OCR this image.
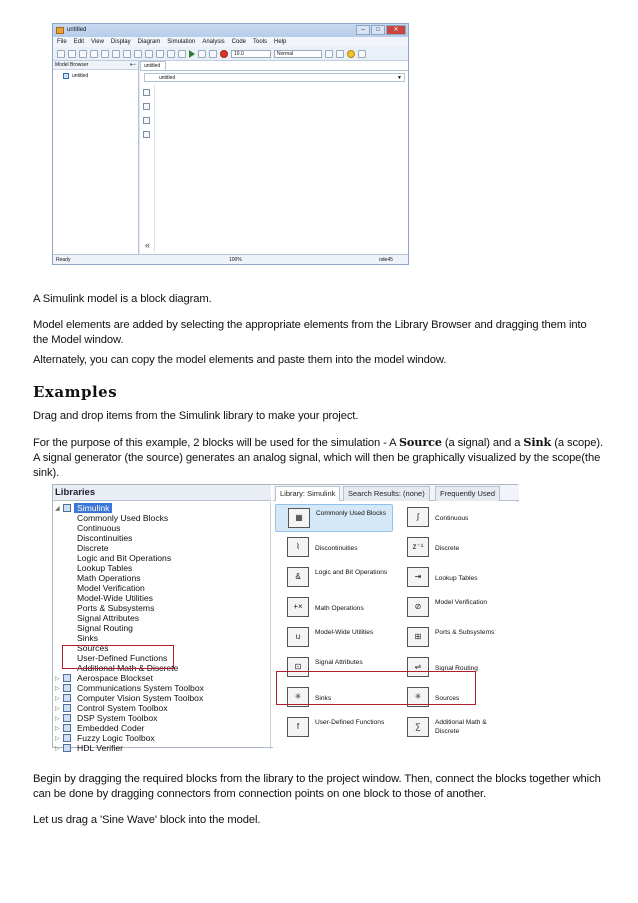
untitled	–	□	✕
File Edit View Display Diagram Simulation Analysis Code Tools Help
10.0	Normal
Model Browser	⇤▫
untitled
untitled
untitled	▼
«
Ready	100%	ode45
A Simulink model is a block diagram.
Model elements are added by selecting the appropriate elements from the Library Browser and dragging them into the Model window.
Alternately, you can copy the model elements and paste them into the model window.
Examples
Drag and drop items from the Simulink library to make your project.
For the purpose of this example, 2 blocks will be used for the simulation - A Source (a signal) and a Sink (a scope). A signal generator (the source) generates an analog signal, which will then be graphically visualized by the scope(the sink).
Libraries
◢	Simulink
Commonly Used Blocks
Continuous
Discontinuities
Discrete
Logic and Bit Operations
Lookup Tables
Math Operations
Model Verification
Model-Wide Utilities
Ports & Subsystems
Signal Attributes
Signal Routing
Sinks
Sources
User-Defined Functions
Additional Math & Discrete
▷ Aerospace Blockset
▷ Communications System Toolbox
▷ Computer Vision System Toolbox
▷ Control System Toolbox
▷ DSP System Toolbox
▷ Embedded Coder
▷ Fuzzy Logic Toolbox
▷ HDL Verifier
Library: Simulink	Search Results: (none)	Frequently Used
▦	Commonly Used Blocks	∫	Continuous
⌇	Discontinuities	z⁻¹	Discrete
&	Logic and Bit Operations	⇥	Lookup Tables
+×	Math Operations	⊘	Model Verification
u	Model-Wide Utilities	⊞	Ports & Subsystems
⊡	Signal Attributes	⇌	Signal Routing
✳	Sinks	✳	Sources
f	User-Defined Functions	∑	Additional Math & Discrete
Begin by dragging the required blocks from the library to the project window. Then, connect the blocks together which can be done by dragging connectors from connection points on one block to those of another.
Let us drag a 'Sine Wave' block into the model.
